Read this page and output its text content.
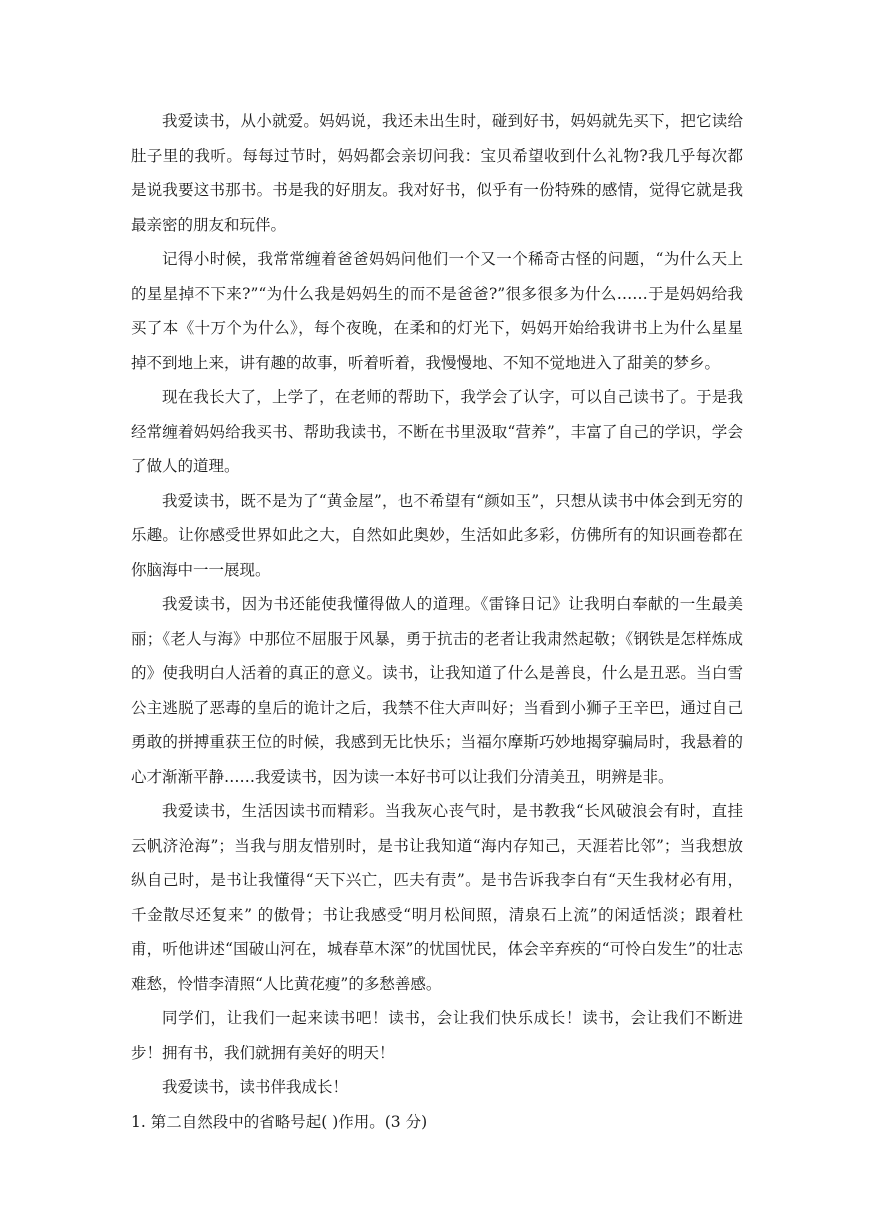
我爱读书，从小就爱。妈妈说，我还未出生时，碰到好书，妈妈就先买下，把它读给肚子里的我听。每每过节时，妈妈都会亲切问我：宝贝希望收到什么礼物?我几乎每次都是说我要这书那书。书是我的好朋友。我对好书，似乎有一份特殊的感情，觉得它就是我最亲密的朋友和玩伴。

记得小时候，我常常缠着爸爸妈妈问他们一个又一个稀奇古怪的问题，“为什么天上的星星掉不下来?”“为什么我是妈妈生的而不是爸爸?”很多很多为什么……于是妈妈给我买了本《十万个为什么》，每个夜晚，在柔和的灯光下，妈妈开始给我讲书上为什么星星掉不到地上来，讲有趣的故事，听着听着，我慢慢地、不知不觉地进入了甜美的梦乡。

现在我长大了，上学了，在老师的帮助下，我学会了认字，可以自己读书了。于是我经常缠着妈妈给我买书、帮助我读书，不断在书里汲取“营养”，丰富了自己的学识，学会了做人的道理。

我爱读书，既不是为了“黄金屋”，也不希望有“颜如玉”，只想从读书中体会到无穷的乐趣。让你感受世界如此之大，自然如此奥妙，生活如此多彩，仿佛所有的知识画卷都在你脑海中一一展现。

我爱读书，因为书还能使我懂得做人的道理。《雷锋日记》让我明白奉献的一生最美丽；《老人与海》中那位不屈服于风暴，勇于抗击的老者让我肃然起敬；《钢铁是怎样炼成的》使我明白人活着的真正的意义。读书，让我知道了什么是善良，什么是丑恶。当白雪公主逃脱了恶毒的皇后的诡计之后，我禁不住大声叫好；当看到小狮子王辛巴，通过自己勇敢的拼搏重获王位的时候，我感到无比快乐；当福尔摩斯巧妙地揭穿骗局时，我悬着的心才渐渐平静……我爱读书，因为读一本好书可以让我们分清美丑，明辨是非。

我爱读书，生活因读书而精彩。当我灰心丧气时，是书教我“长风破浪会有时，直挂云帆济沧海”；当我与朋友惜别时，是书让我知道“海内存知己，天涯若比邻”；当我想放纵自己时，是书让我懂得“天下兴亡，匹夫有责”。是书告诉我李白有“天生我材必有用，千金散尽还复来” 的傲骨；书让我感受“明月松间照，清泉石上流”的闲适恬淡；跟着杜甫，听他讲述“国破山河在，城春草木深”的忧国忧民，体会辛弃疾的“可怜白发生”的壮志难愁，怜惜李清照“人比黄花瘦”的多愁善感。

同学们，让我们一起来读书吧！读书，会让我们快乐成长！读书，会让我们不断进步！拥有书，我们就拥有美好的明天！

我爱读书，读书伴我成长！

1. 第二自然段中的省略号起( )作用。(3 分)
